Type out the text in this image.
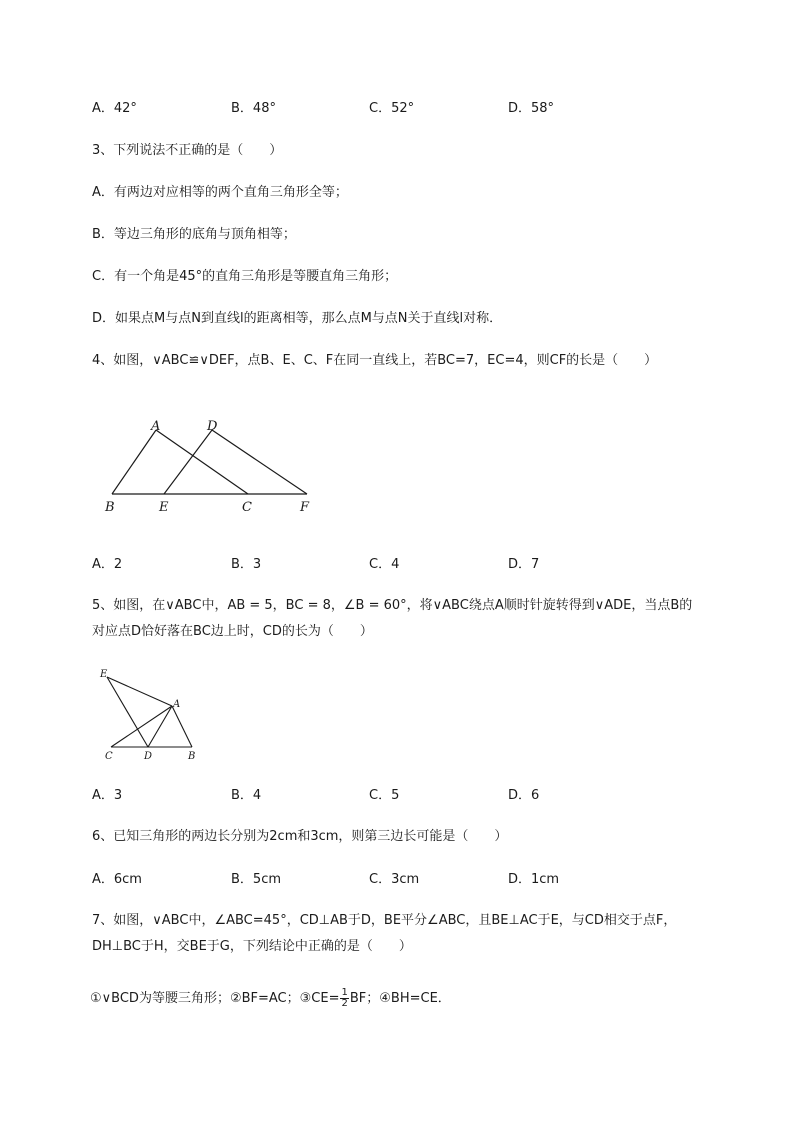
A．42°	B．48°	C．52°	D．58°
3、下列说法不正确的是（　　）
A．有两边对应相等的两个直角三角形全等；
B．等边三角形的底角与顶角相等；
C．有一个角是45°的直角三角形是等腰直角三角形；
D．如果点M与点N到直线l的距离相等，那么点M与点N关于直线l对称．
4、如图，∨ABC≌∨DEF，点B、E、C、F在同一直线上，若BC=7，EC=4，则CF的长是（　　）
A	D
B	E	C	F
A．2	B．3	C．4	D．7
5、如图，在∨ABC中，AB = 5，BC = 8，∠B = 60°，将∨ABC绕点A顺时针旋转得到∨ADE，当点B的
对应点D恰好落在BC边上时，CD的长为（　　）
E
A
C	D	B
A．3	B．4	C．5	D．6
6、已知三角形的两边长分别为2cm和3cm，则第三边长可能是（　　）
A．6cm	B．5cm	C．3cm	D．1cm
7、如图，∨ABC中，∠ABC=45°，CD⊥AB于D，BE平分∠ABC，且BE⊥AC于E，与CD相交于点F，
DH⊥BC于H，交BE于G，下列结论中正确的是（　　）
①∨BCD为等腰三角形；②BF=AC；③CE= $\frac{1}{2}$ BF；④BH=CE．
